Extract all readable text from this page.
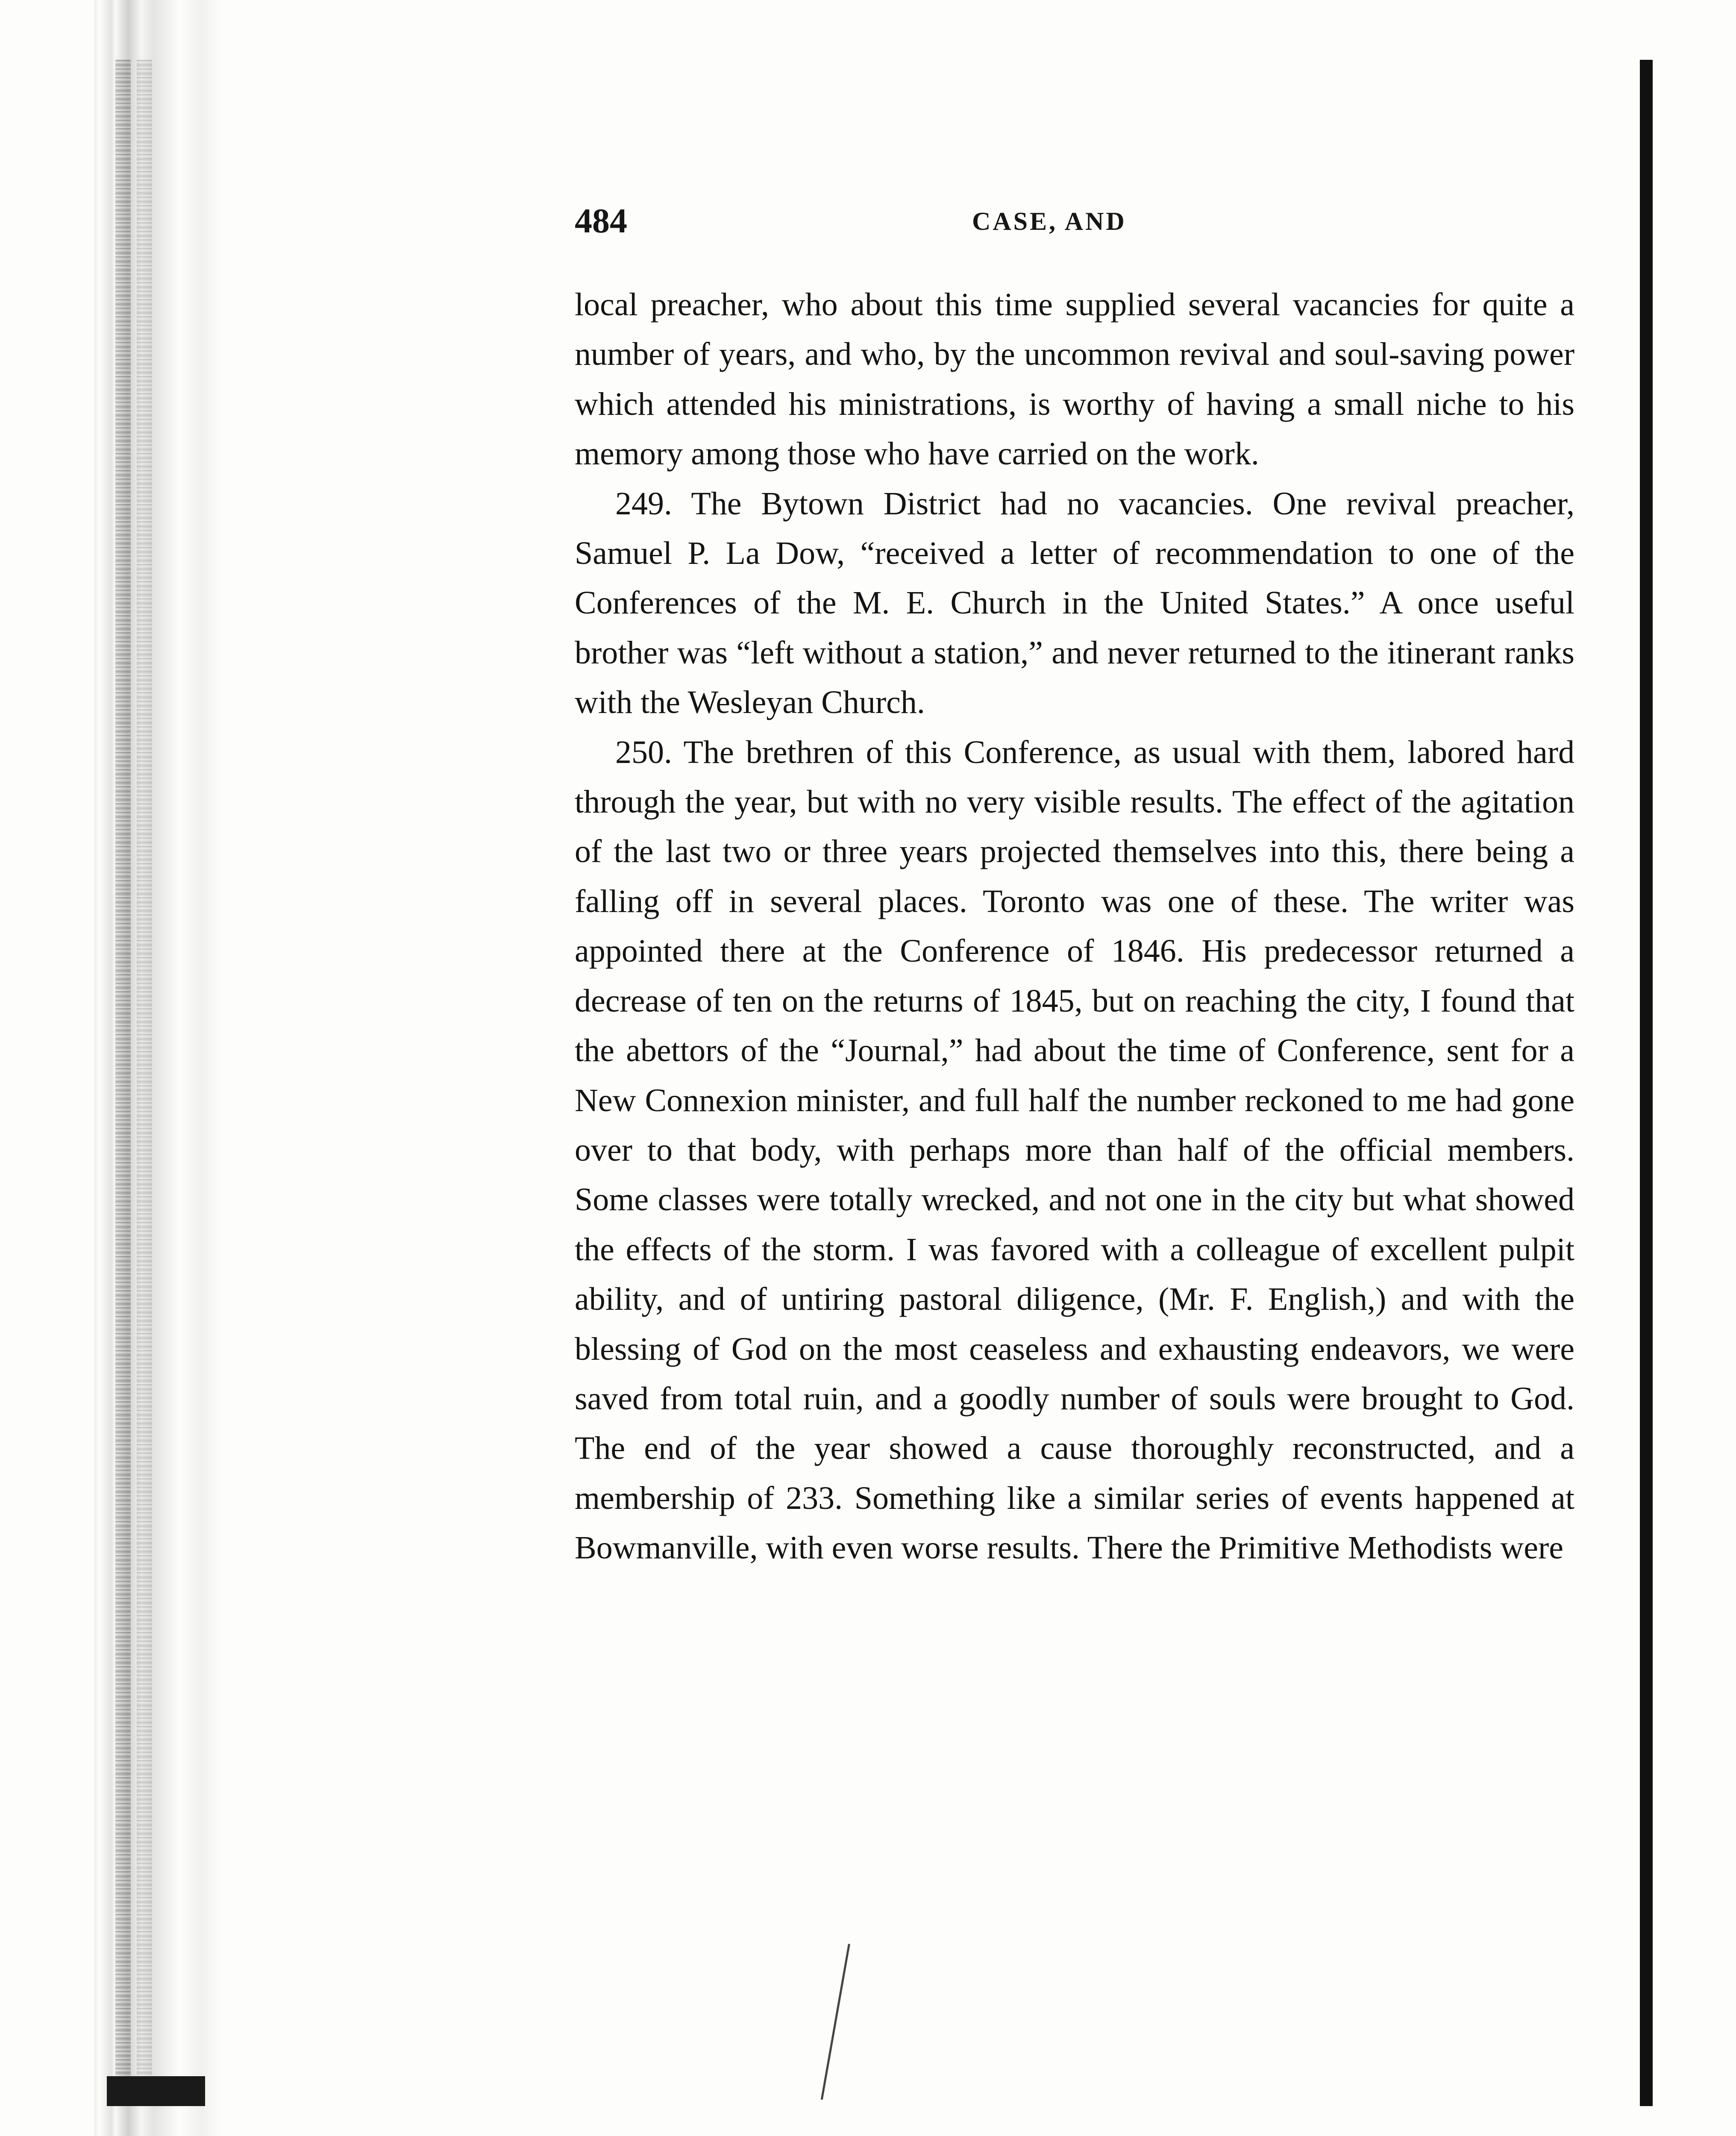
484	CASE, AND

local preacher, who about this time supplied several vacancies for quite a number of years, and who, by the uncommon revival and soul-saving power which attended his ministrations, is worthy of having a small niche to his memory among those who have carried on the work.

249. The Bytown District had no vacancies. One revival preacher, Samuel P. La Dow, “received a letter of recommendation to one of the Conferences of the M. E. Church in the United States.” A once useful brother was “left without a station,” and never returned to the itinerant ranks with the Wesleyan Church.

250. The brethren of this Conference, as usual with them, labored hard through the year, but with no very visible results. The effect of the agitation of the last two or three years projected themselves into this, there being a falling off in several places. Toronto was one of these. The writer was appointed there at the Conference of 1846. His predecessor returned a decrease of ten on the returns of 1845, but on reaching the city, I found that the abettors of the “Journal,” had about the time of Conference, sent for a New Connexion minister, and full half the number reckoned to me had gone over to that body, with perhaps more than half of the official members. Some classes were totally wrecked, and not one in the city but what showed the effects of the storm. I was favored with a colleague of excellent pulpit ability, and of untiring pastoral diligence, (Mr. F. English,) and with the blessing of God on the most ceaseless and exhausting endeavors, we were saved from total ruin, and a goodly number of souls were brought to God. The end of the year showed a cause thoroughly reconstructed, and a membership of 233. Something like a similar series of events happened at Bowmanville, with even worse results. There the Primitive Methodists were
